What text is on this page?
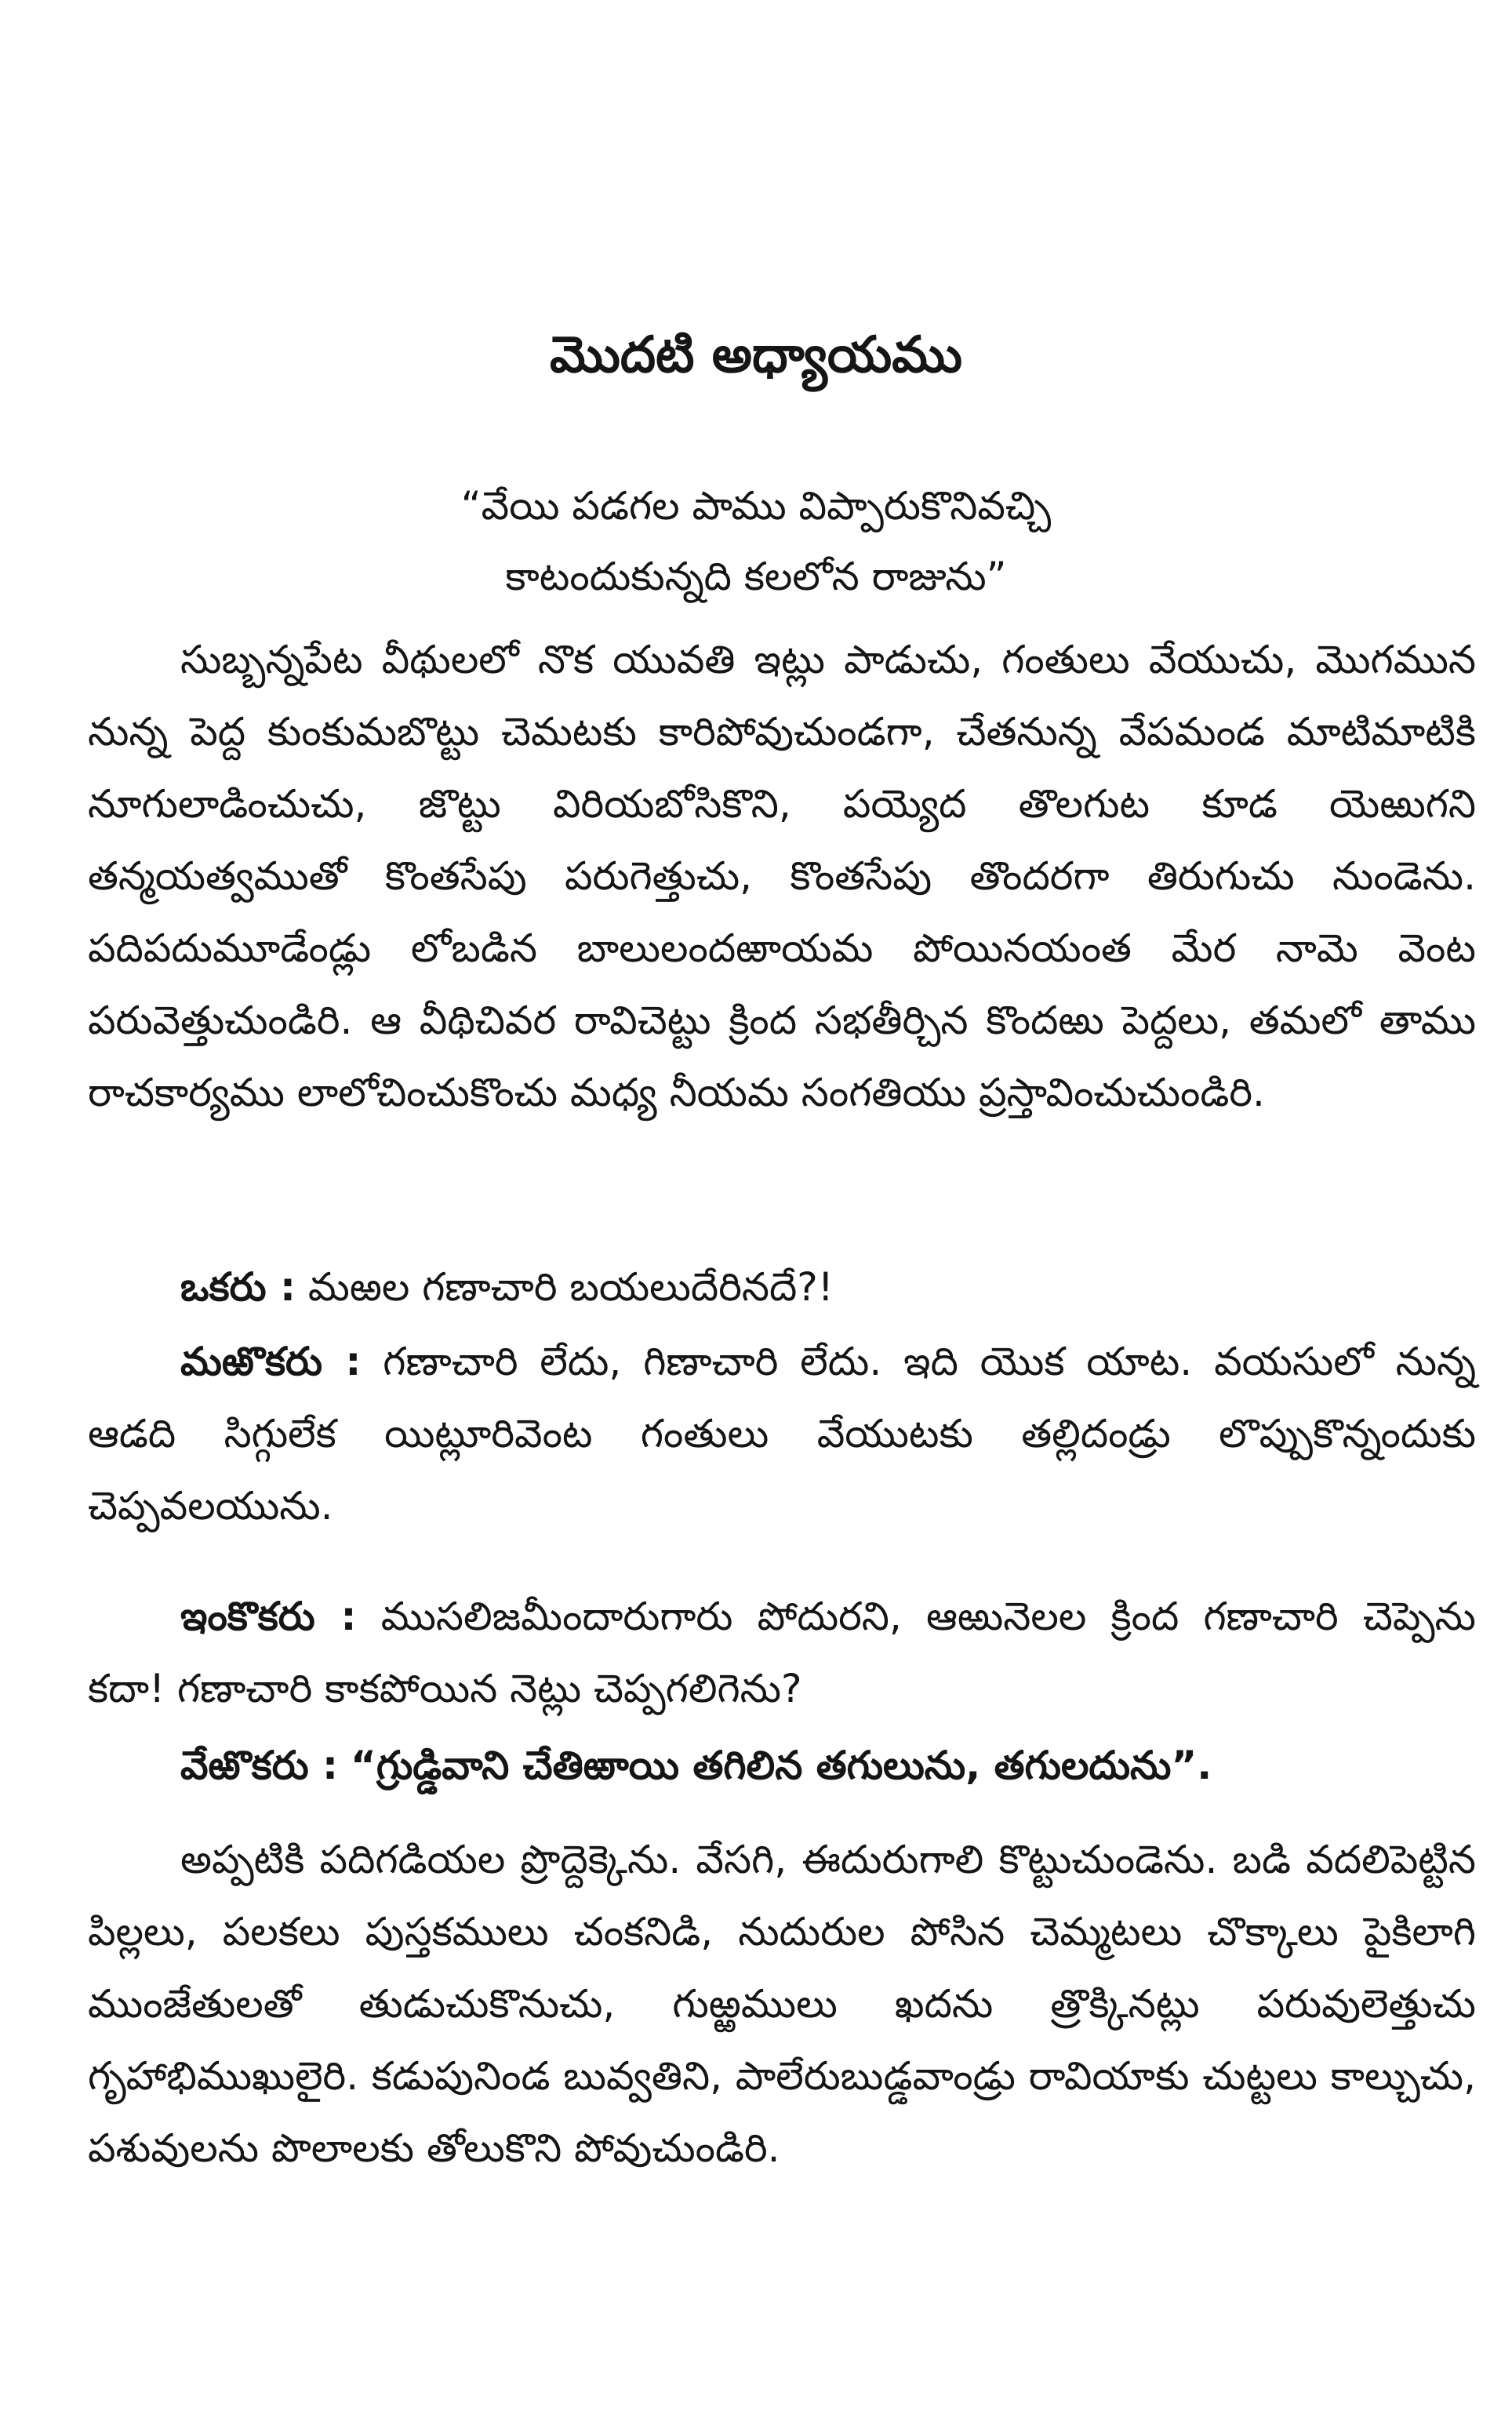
మొదటి అధ్యాయము
“వేయి పడగల పాము విప్పారుకొనివచ్చి
కాటందుకున్నది కలలోన రాజును”

సుబ్బన్నపేట వీథులలో నొక యువతి ఇట్లు పాడుచు, గంతులు వేయుచు, మొగమున నున్న పెద్ద కుంకుమబొట్టు చెమటకు కారిపోవుచుండగా, చేతనున్న వేపమండ మాటిమాటికి నూగులాడించుచు, జొట్టు విరియబోసికొని, పయ్యెద తొలగుట కూడ యెఱుగని తన్మయత్వముతో కొంతసేపు పరుగెత్తుచు, కొంతసేపు తొందరగా తిరుగుచు నుండెను. పదిపదుమూడేండ్లు లోబడిన బాలులందఱాయమ పోయినయంత మేర నామె వెంట పరువెత్తుచుండిరి. ఆ వీథిచివర రావిచెట్టు క్రింద సభతీర్చిన కొందఱు పెద్దలు, తమలో తాము రాచకార్యము లాలోచించుకొంచు మధ్య నీయమ సంగతియు ప్రస్తావించుచుండిరి.

ఒకరు : మఱల గణాచారి బయలుదేరినదే?!

మఱొకరు : గణాచారి లేదు, గిణాచారి లేదు. ఇది యొక యాట. వయసులో నున్న ఆడది సిగ్గులేక యిట్లూరివెంట గంతులు వేయుటకు తల్లిదండ్రు లొప్పుకొన్నందుకు చెప్పవలయును.

ఇంకొకరు : ముసలిజమీందారుగారు పోదురని, ఆఱునెలల క్రింద గణాచారి చెప్పెను కదా! గణాచారి కాకపోయిన నెట్లు చెప్పగలిగెను?

వేఱొకరు : “గ్రుడ్డివాని చేతిఱాయి తగిలిన తగులును, తగులదును”.

అప్పటికి పదిగడియల ప్రొద్దెక్కెను. వేసగి, ఈదురుగాలి కొట్టుచుండెను. బడి వదలిపెట్టిన పిల్లలు, పలకలు పుస్తకములు చంకనిడి, నుదురుల పోసిన చెమ్మటలు చొక్కాలు పైకిలాగి ముంజేతులతో తుడుచుకొనుచు, గుఱ్ఱములు ఖదను త్రొక్కినట్లు పరువులెత్తుచు గృహాభిముఖులైరి. కడుపునిండ బువ్వతిని, పాలేరుబుడ్డవాండ్రు రావియాకు చుట్టలు కాల్చుచు, పశువులను పొలాలకు తోలుకొని పోవుచుండిరి.
